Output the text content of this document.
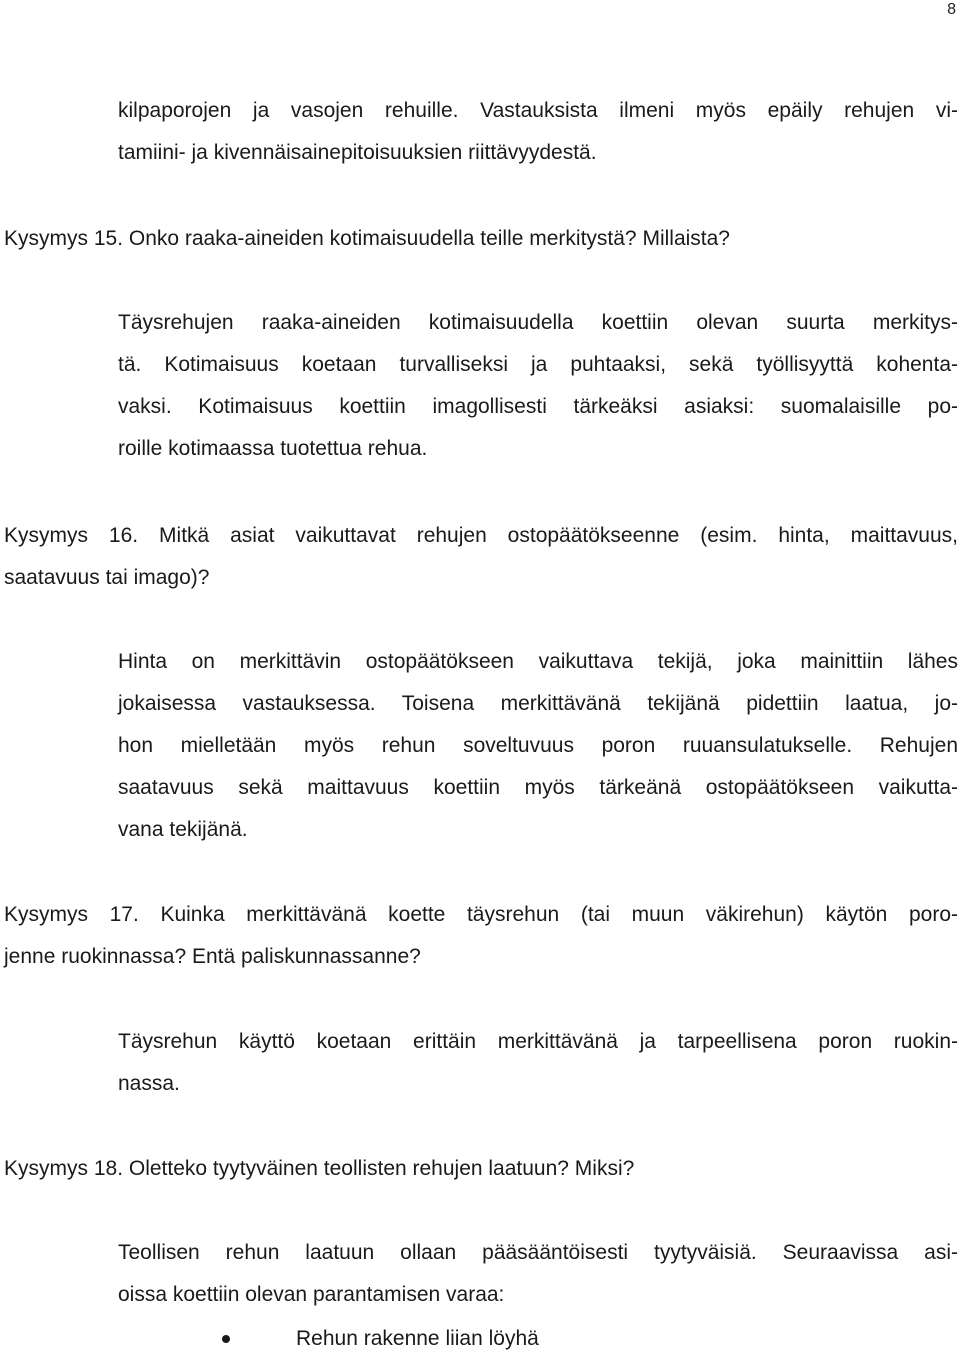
8

kilpaporojen ja vasojen rehuille. Vastauksista ilmeni myös epäily rehujen vi-
tamiini- ja kivennäisainepitoisuuksien riittävyydestä.

Kysymys 15. Onko raaka-aineiden kotimaisuudella teille merkitystä? Millaista?

Täysrehujen raaka-aineiden kotimaisuudella koettiin olevan suurta merkitys-
tä. Kotimaisuus koetaan turvalliseksi ja puhtaaksi, sekä työllisyyttä kohenta-
vaksi. Kotimaisuus koettiin imagollisesti tärkeäksi asiaksi: suomalaisille po-
roille kotimaassa tuotettua rehua.

Kysymys 16. Mitkä asiat vaikuttavat rehujen ostopäätökseenne (esim. hinta, maittavuus,
saatavuus tai imago)?

Hinta on merkittävin ostopäätökseen vaikuttava tekijä, joka mainittiin lähes
jokaisessa vastauksessa. Toisena merkittävänä tekijänä pidettiin laatua, jo-
hon mielletään myös rehun soveltuvuus poron ruuansulatukselle. Rehujen
saatavuus sekä maittavuus koettiin myös tärkeänä ostopäätökseen vaikutta-
vana tekijänä.

Kysymys 17. Kuinka merkittävänä koette täysrehun (tai muun väkirehun) käytön poro-
jenne ruokinnassa? Entä paliskunnassanne?

Täysrehun käyttö koetaan erittäin merkittävänä ja tarpeellisena poron ruokin-
nassa.

Kysymys 18. Oletteko tyytyväinen teollisten rehujen laatuun? Miksi?

Teollisen rehun laatuun ollaan pääsääntöisesti tyytyväisiä. Seuraavissa asi-
oissa koettiin olevan parantamisen varaa:

Rehun rakenne liian löyhä
